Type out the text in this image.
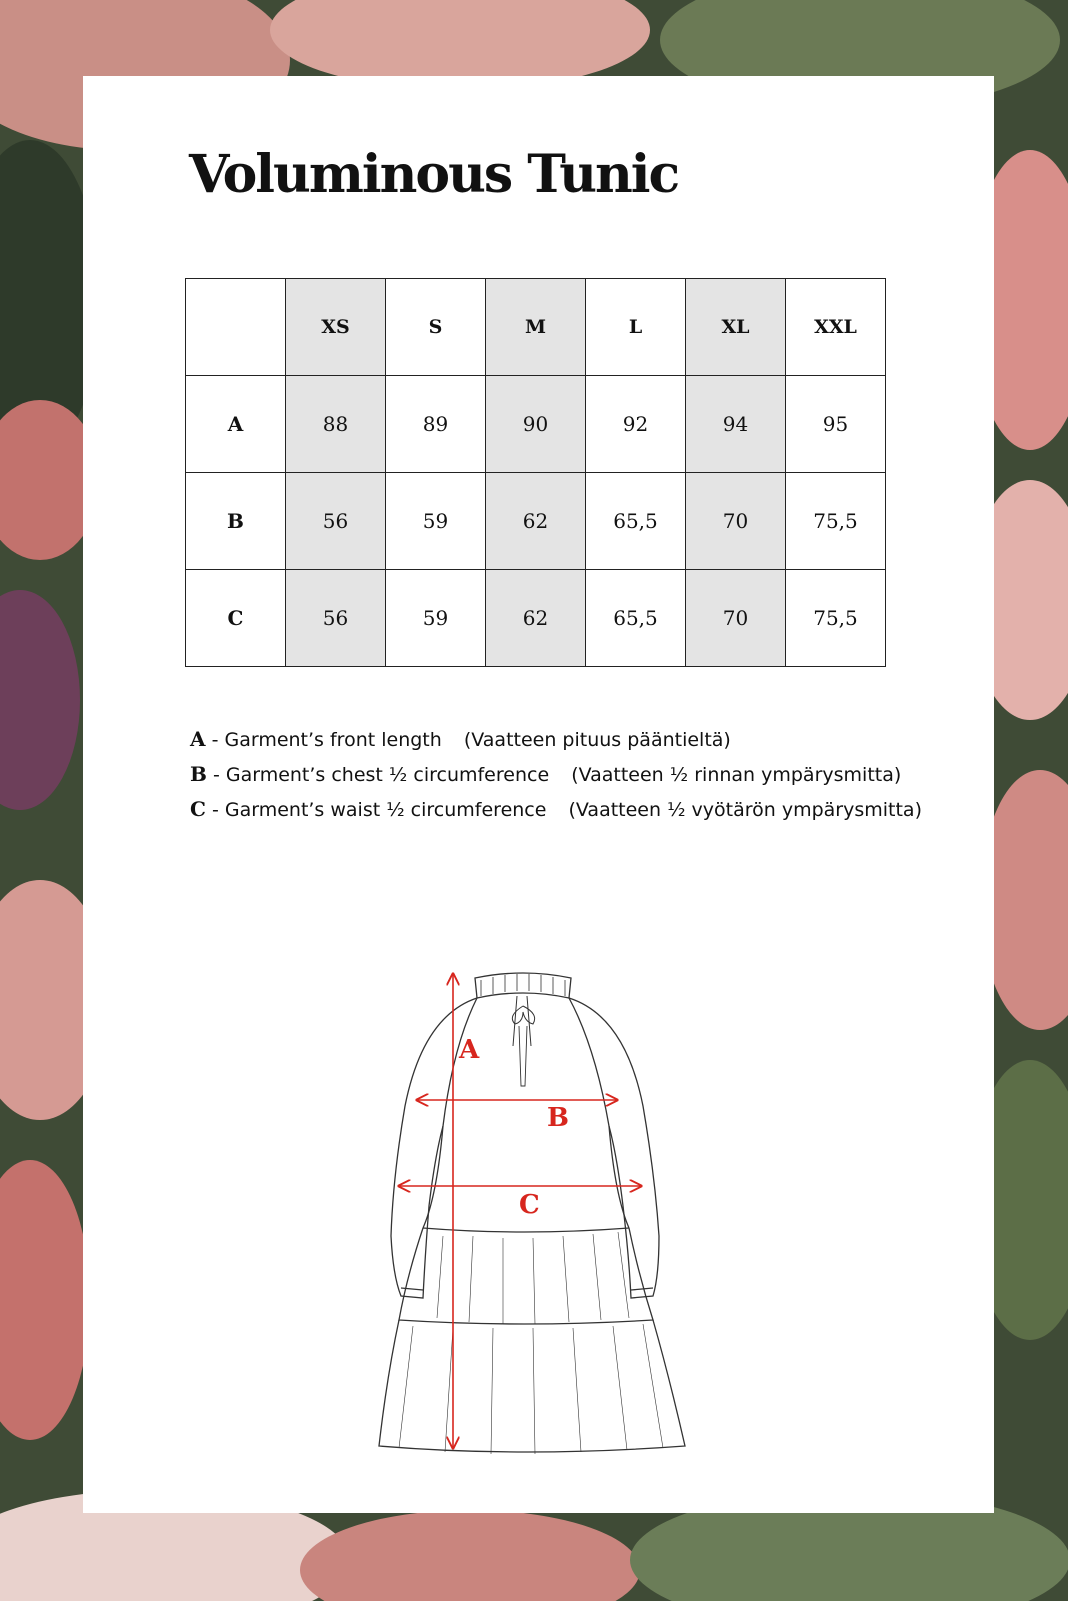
Voluminous Tunic
	XS	S	M	L	XL	XXL
A	88	89	90	92	94	95
B	56	59	62	65,5	70	75,5
C	56	59	62	65,5	70	75,5
A - Garment’s front length (Vaatteen pituus pääntieltä)
B - Garment’s chest ½ circumference (Vaatteen ½ rinnan ympärysmitta)
C - Garment’s waist ½ circumference (Vaatteen ½ vyötärön ympärysmitta)
A
B
C
